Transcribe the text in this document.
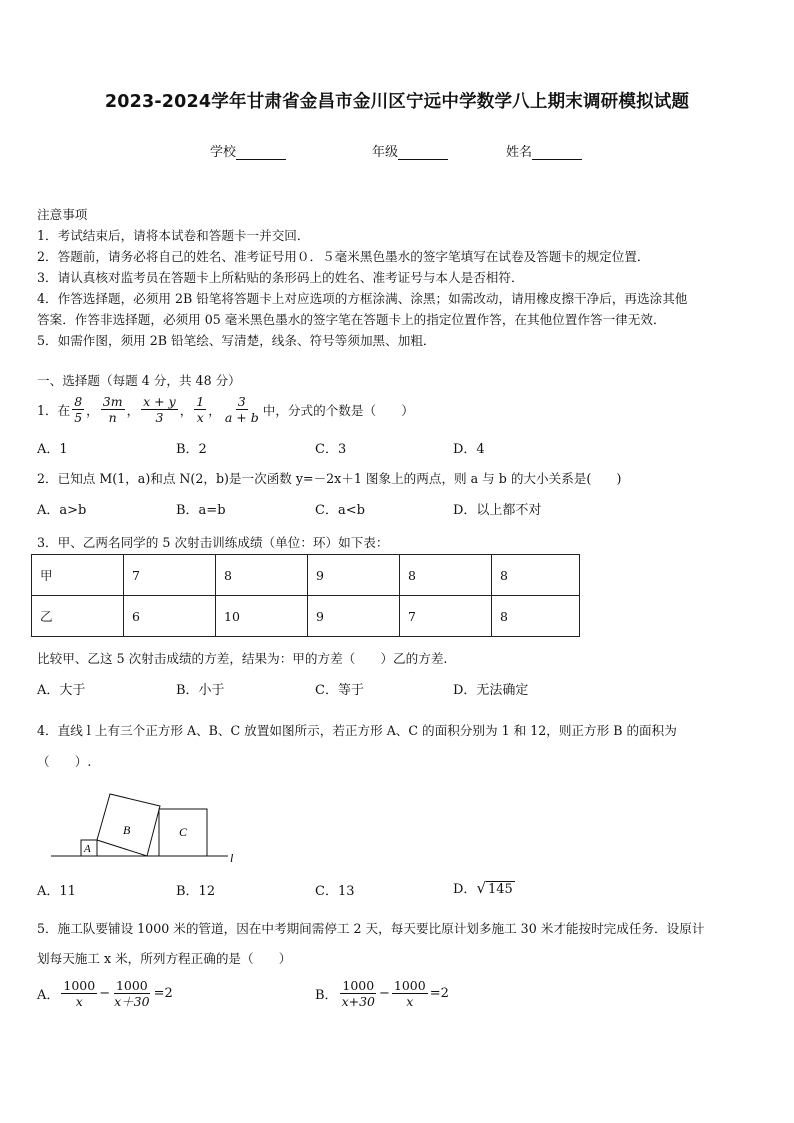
2023-2024学年甘肃省金昌市金川区宁远中学数学八上期末调研模拟试题
学校	年级	姓名
注意事项
1．考试结束后，请将本试卷和答题卡一并交回．
2．答题前，请务必将自己的姓名、准考证号用０．５毫米黑色墨水的签字笔填写在试卷及答题卡的规定位置．
3．请认真核对监考员在答题卡上所粘贴的条形码上的姓名、准考证号与本人是否相符．
4．作答选择题，必须用 2B 铅笔将答题卡上对应选项的方框涂满、涂黑；如需改动，请用橡皮擦干净后，再选涂其他
答案．作答非选择题，必须用 05 毫米黑色墨水的签字笔在答题卡上的指定位置作答，在其他位置作答一律无效．
5．如需作图，须用 2B 铅笔绘、写清楚，线条、符号等须加黑、加粗．
一、选择题（每题 4 分，共 48 分）
1．在 $\frac{8}{5}$ ， $\frac{3m}{n}$ ， $\frac{x + y}{3}$ ， $\frac{1}{x}$ ， $\frac{3}{a + b}$ 中，分式的个数是（　　）
A．1	B．2	C．3	D．4
2．已知点 M(1，a)和点 N(2，b)是一次函数 y=－2x＋1 图象上的两点，则 a 与 b 的大小关系是(　　)
A．a>b	B．a=b	C．a<b	D．以上都不对
3．甲、乙两名同学的 5 次射击训练成绩（单位：环）如下表：
甲	7	8	9	8	8
乙	6	10	9	7	8
比较甲、乙这 5 次射击成绩的方差，结果为：甲的方差（　　）乙的方差.
A．大于	B．小于	C．等于	D．无法确定
4．直线 l 上有三个正方形 A、B、C 放置如图所示，若正方形 A、C 的面积分别为 1 和 12，则正方形 B 的面积为
（　　）.
A
B	C
l
A．11	B．12	C．13	D．√ 145
5．施工队要铺设 1000 米的管道，因在中考期间需停工 2 天，每天要比原计划多施工 30 米才能按时完成任务．设原计
划每天施工 x 米，所列方程正确的是（　　）
A． $\frac{1000}{x} - \frac{1000}{x+30} =2$	B． $\frac{1000}{x+30} - \frac{1000}{x} =2$
